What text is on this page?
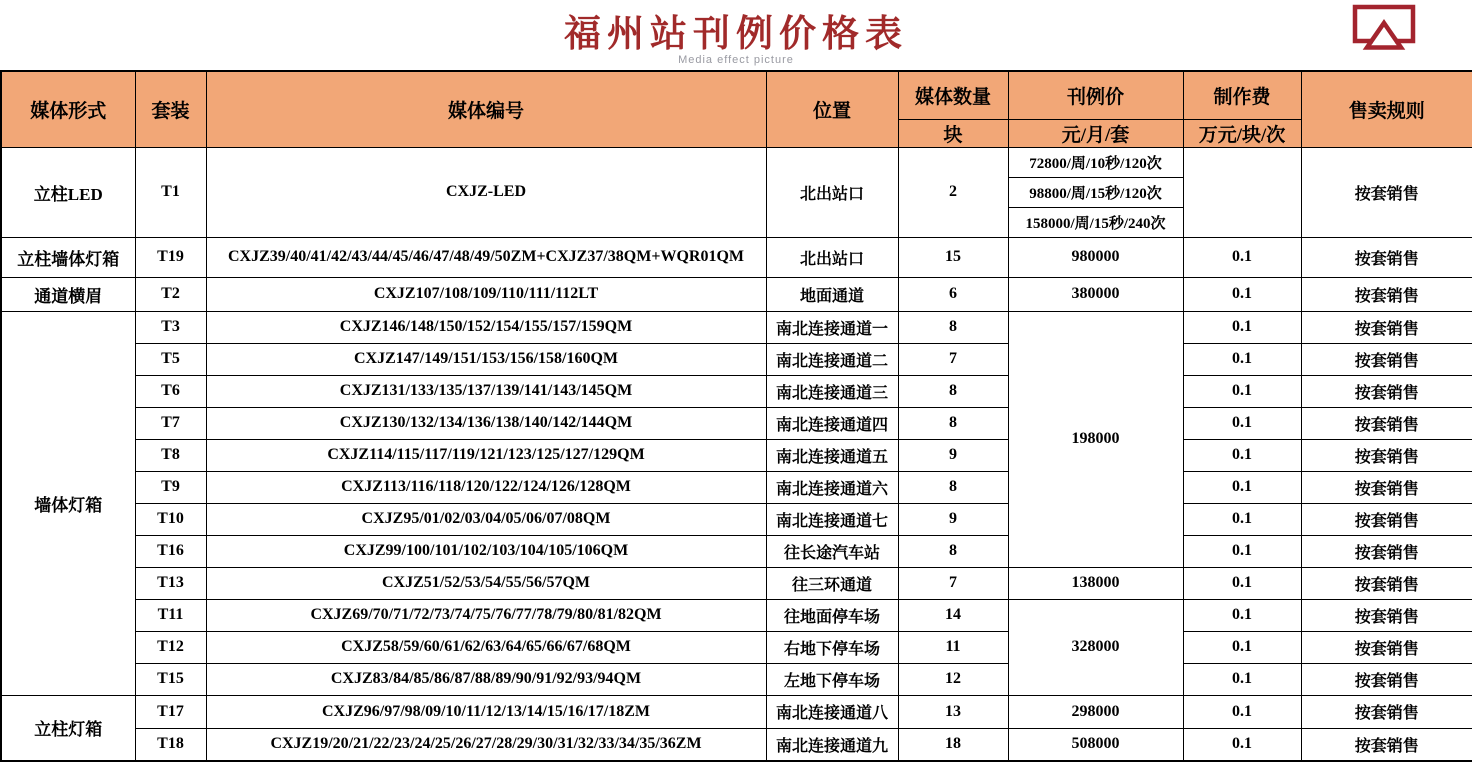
福州站刊例价格表
Media effect picture
媒体形式	套装	媒体编号	位置	媒体数量	刊例价	制作费	售卖规则
				块	元/月/套	万元/块/次	
立柱LED	T1	CXJZ-LED	北出站口	2	72800/周/10秒/120次		按套销售
					98800/周/15秒/120次		
					158000/周/15秒/240次		
立柱墙体灯箱	T19	CXJZ39/40/41/42/43/44/45/46/47/48/49/50ZM+CXJZ37/38QM+WQR01QM	北出站口	15	980000	0.1	按套销售
通道横眉	T2	CXJZ107/108/109/110/111/112LT	地面通道	6	380000	0.1	按套销售
墙体灯箱	T3	CXJZ146/148/150/152/154/155/157/159QM	南北连接通道一	8	198000	0.1	按套销售
	T5	CXJZ147/149/151/153/156/158/160QM	南北连接通道二	7		0.1	按套销售
	T6	CXJZ131/133/135/137/139/141/143/145QM	南北连接通道三	8		0.1	按套销售
	T7	CXJZ130/132/134/136/138/140/142/144QM	南北连接通道四	8		0.1	按套销售
	T8	CXJZ114/115/117/119/121/123/125/127/129QM	南北连接通道五	9		0.1	按套销售
	T9	CXJZ113/116/118/120/122/124/126/128QM	南北连接通道六	8		0.1	按套销售
	T10	CXJZ95/01/02/03/04/05/06/07/08QM	南北连接通道七	9		0.1	按套销售
	T16	CXJZ99/100/101/102/103/104/105/106QM	往长途汽车站	8		0.1	按套销售
	T13	CXJZ51/52/53/54/55/56/57QM	往三环通道	7	138000	0.1	按套销售
	T11	CXJZ69/70/71/72/73/74/75/76/77/78/79/80/81/82QM	往地面停车场	14	328000	0.1	按套销售
	T12	CXJZ58/59/60/61/62/63/64/65/66/67/68QM	右地下停车场	11		0.1	按套销售
	T15	CXJZ83/84/85/86/87/88/89/90/91/92/93/94QM	左地下停车场	12		0.1	按套销售
立柱灯箱	T17	CXJZ96/97/98/09/10/11/12/13/14/15/16/17/18ZM	南北连接通道八	13	298000	0.1	按套销售
	T18	CXJZ19/20/21/22/23/24/25/26/27/28/29/30/31/32/33/34/35/36ZM	南北连接通道九	18	508000	0.1	按套销售
